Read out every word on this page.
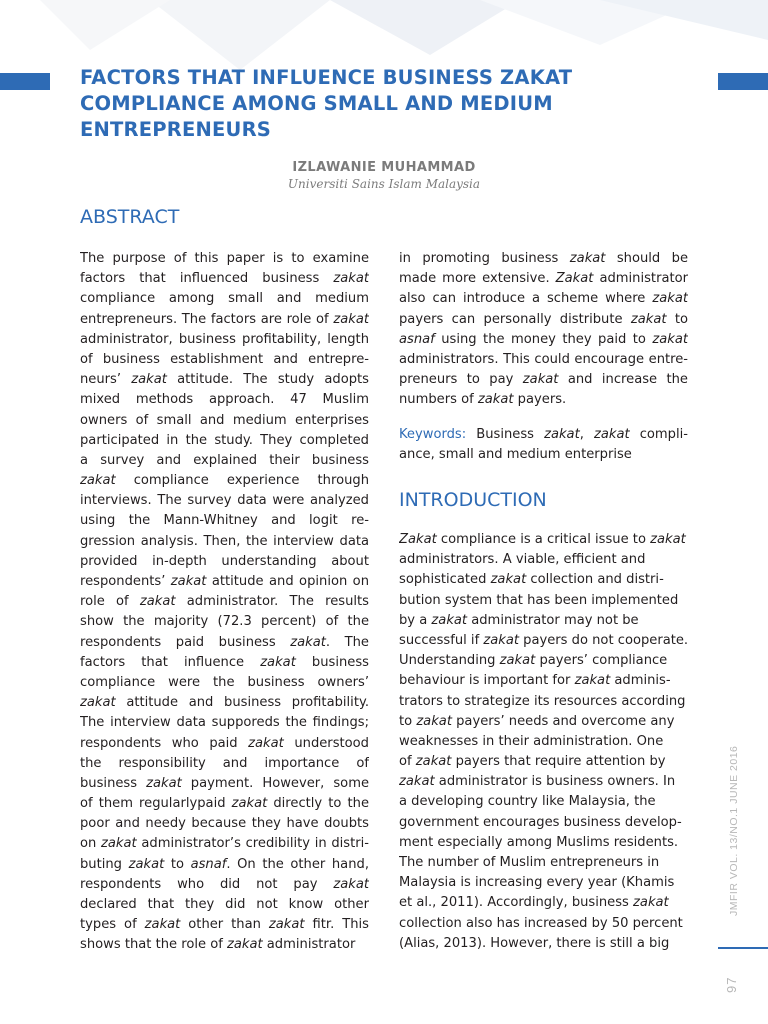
FACTORS THAT INFLUENCE BUSINESS ZAKAT
COMPLIANCE AMONG SMALL AND MEDIUM
ENTREPRENEURS
IZLAWANIE MUHAMMAD
Universiti Sains Islam Malaysia
ABSTRACT
The purpose of this paper is to examine
factors that influenced business zakat
compliance among small and medium
entrepreneurs. The factors are role of zakat
administrator, business profitability, length
of business establishment and entrepre-
neurs’ zakat attitude. The study adopts
mixed methods approach. 47 Muslim
owners of small and medium enterprises
participated in the study. They completed
a survey and explained their business
zakat compliance experience through
interviews. The survey data were analyzed
using the Mann-Whitney and logit re-
gression analysis. Then, the interview data
provided in-depth understanding about
respondents’ zakat attitude and opinion on
role of zakat administrator. The results
show the majority (72.3 percent) of the
respondents paid business zakat. The
factors that influence zakat business
compliance were the business owners’
zakat attitude and business profitability.
The interview data supporeds the findings;
respondents who paid zakat understood
the responsibility and importance of
business zakat payment. However, some
of them regularlypaid zakat directly to the
poor and needy because they have doubts
on zakat administrator’s credibility in distri-
buting zakat to asnaf. On the other hand,
respondents who did not pay zakat
declared that they did not know other
types of zakat other than zakat fitr. This
shows that the role of zakat administrator
in promoting business zakat should be
made more extensive. Zakat administrator
also can introduce a scheme where zakat
payers can personally distribute zakat to
asnaf using the money they paid to zakat
administrators. This could encourage entre-
preneurs to pay zakat and increase the
numbers of zakat payers.
Keywords: Business zakat, zakat compli-
ance, small and medium enterprise
INTRODUCTION
Zakat compliance is a critical issue to zakat
administrators. A viable, efficient and
sophisticated zakat collection and distri-
bution system that has been implemented
by a zakat administrator may not be
successful if zakat payers do not cooperate.
Understanding zakat payers’ compliance
behaviour is important for zakat adminis-
trators to strategize its resources according
to zakat payers’ needs and overcome any
weaknesses in their administration. One
of zakat payers that require attention by
zakat administrator is business owners. In
a developing country like Malaysia, the
government encourages business develop-
ment especially among Muslims residents.
The number of Muslim entrepreneurs in
Malaysia is increasing every year (Khamis
et al., 2011). Accordingly, business zakat
collection also has increased by 50 percent
(Alias, 2013). However, there is still a big
JMFIR VOL. 13/NO.1 JUNE 2016
97
